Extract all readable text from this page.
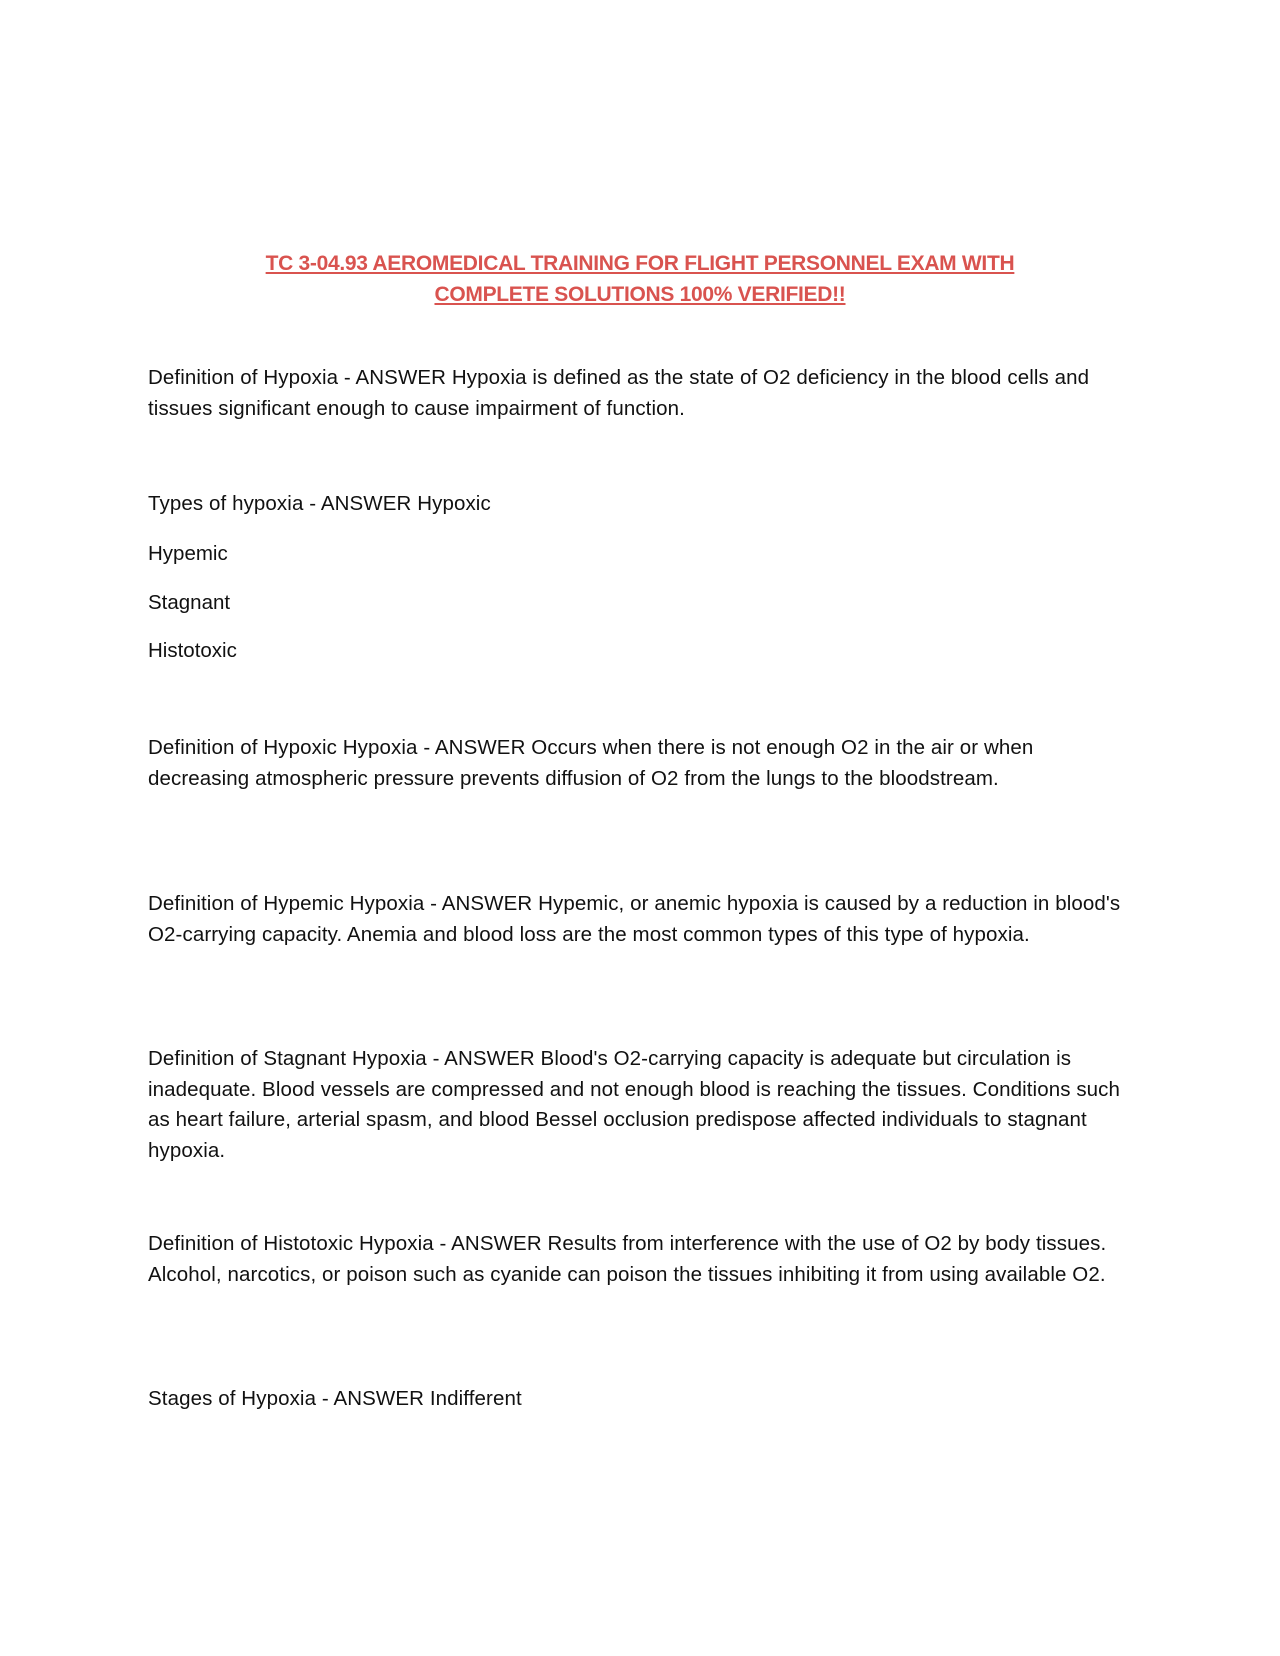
TC 3-04.93 AEROMEDICAL TRAINING FOR FLIGHT PERSONNEL EXAM WITH
COMPLETE SOLUTIONS 100% VERIFIED!!
Definition of Hypoxia - ANSWER Hypoxia is defined as the state of O2 deficiency in the blood cells and tissues significant enough to cause impairment of function.
Types of hypoxia - ANSWER Hypoxic
Hypemic
Stagnant
Histotoxic
Definition of Hypoxic Hypoxia - ANSWER Occurs when there is not enough O2 in the air or when decreasing atmospheric pressure prevents diffusion of O2 from the lungs to the bloodstream.
Definition of Hypemic Hypoxia - ANSWER Hypemic, or anemic hypoxia is caused by a reduction in blood's O2-carrying capacity. Anemia and blood loss are the most common types of this type of hypoxia.
Definition of Stagnant Hypoxia - ANSWER Blood's O2-carrying capacity is adequate but circulation is inadequate. Blood vessels are compressed and not enough blood is reaching the tissues. Conditions such as heart failure, arterial spasm, and blood Bessel occlusion predispose affected individuals to stagnant hypoxia.
Definition of Histotoxic Hypoxia - ANSWER Results from interference with the use of O2 by body tissues. Alcohol, narcotics, or poison such as cyanide can poison the tissues inhibiting it from using available O2.
Stages of Hypoxia - ANSWER Indifferent
